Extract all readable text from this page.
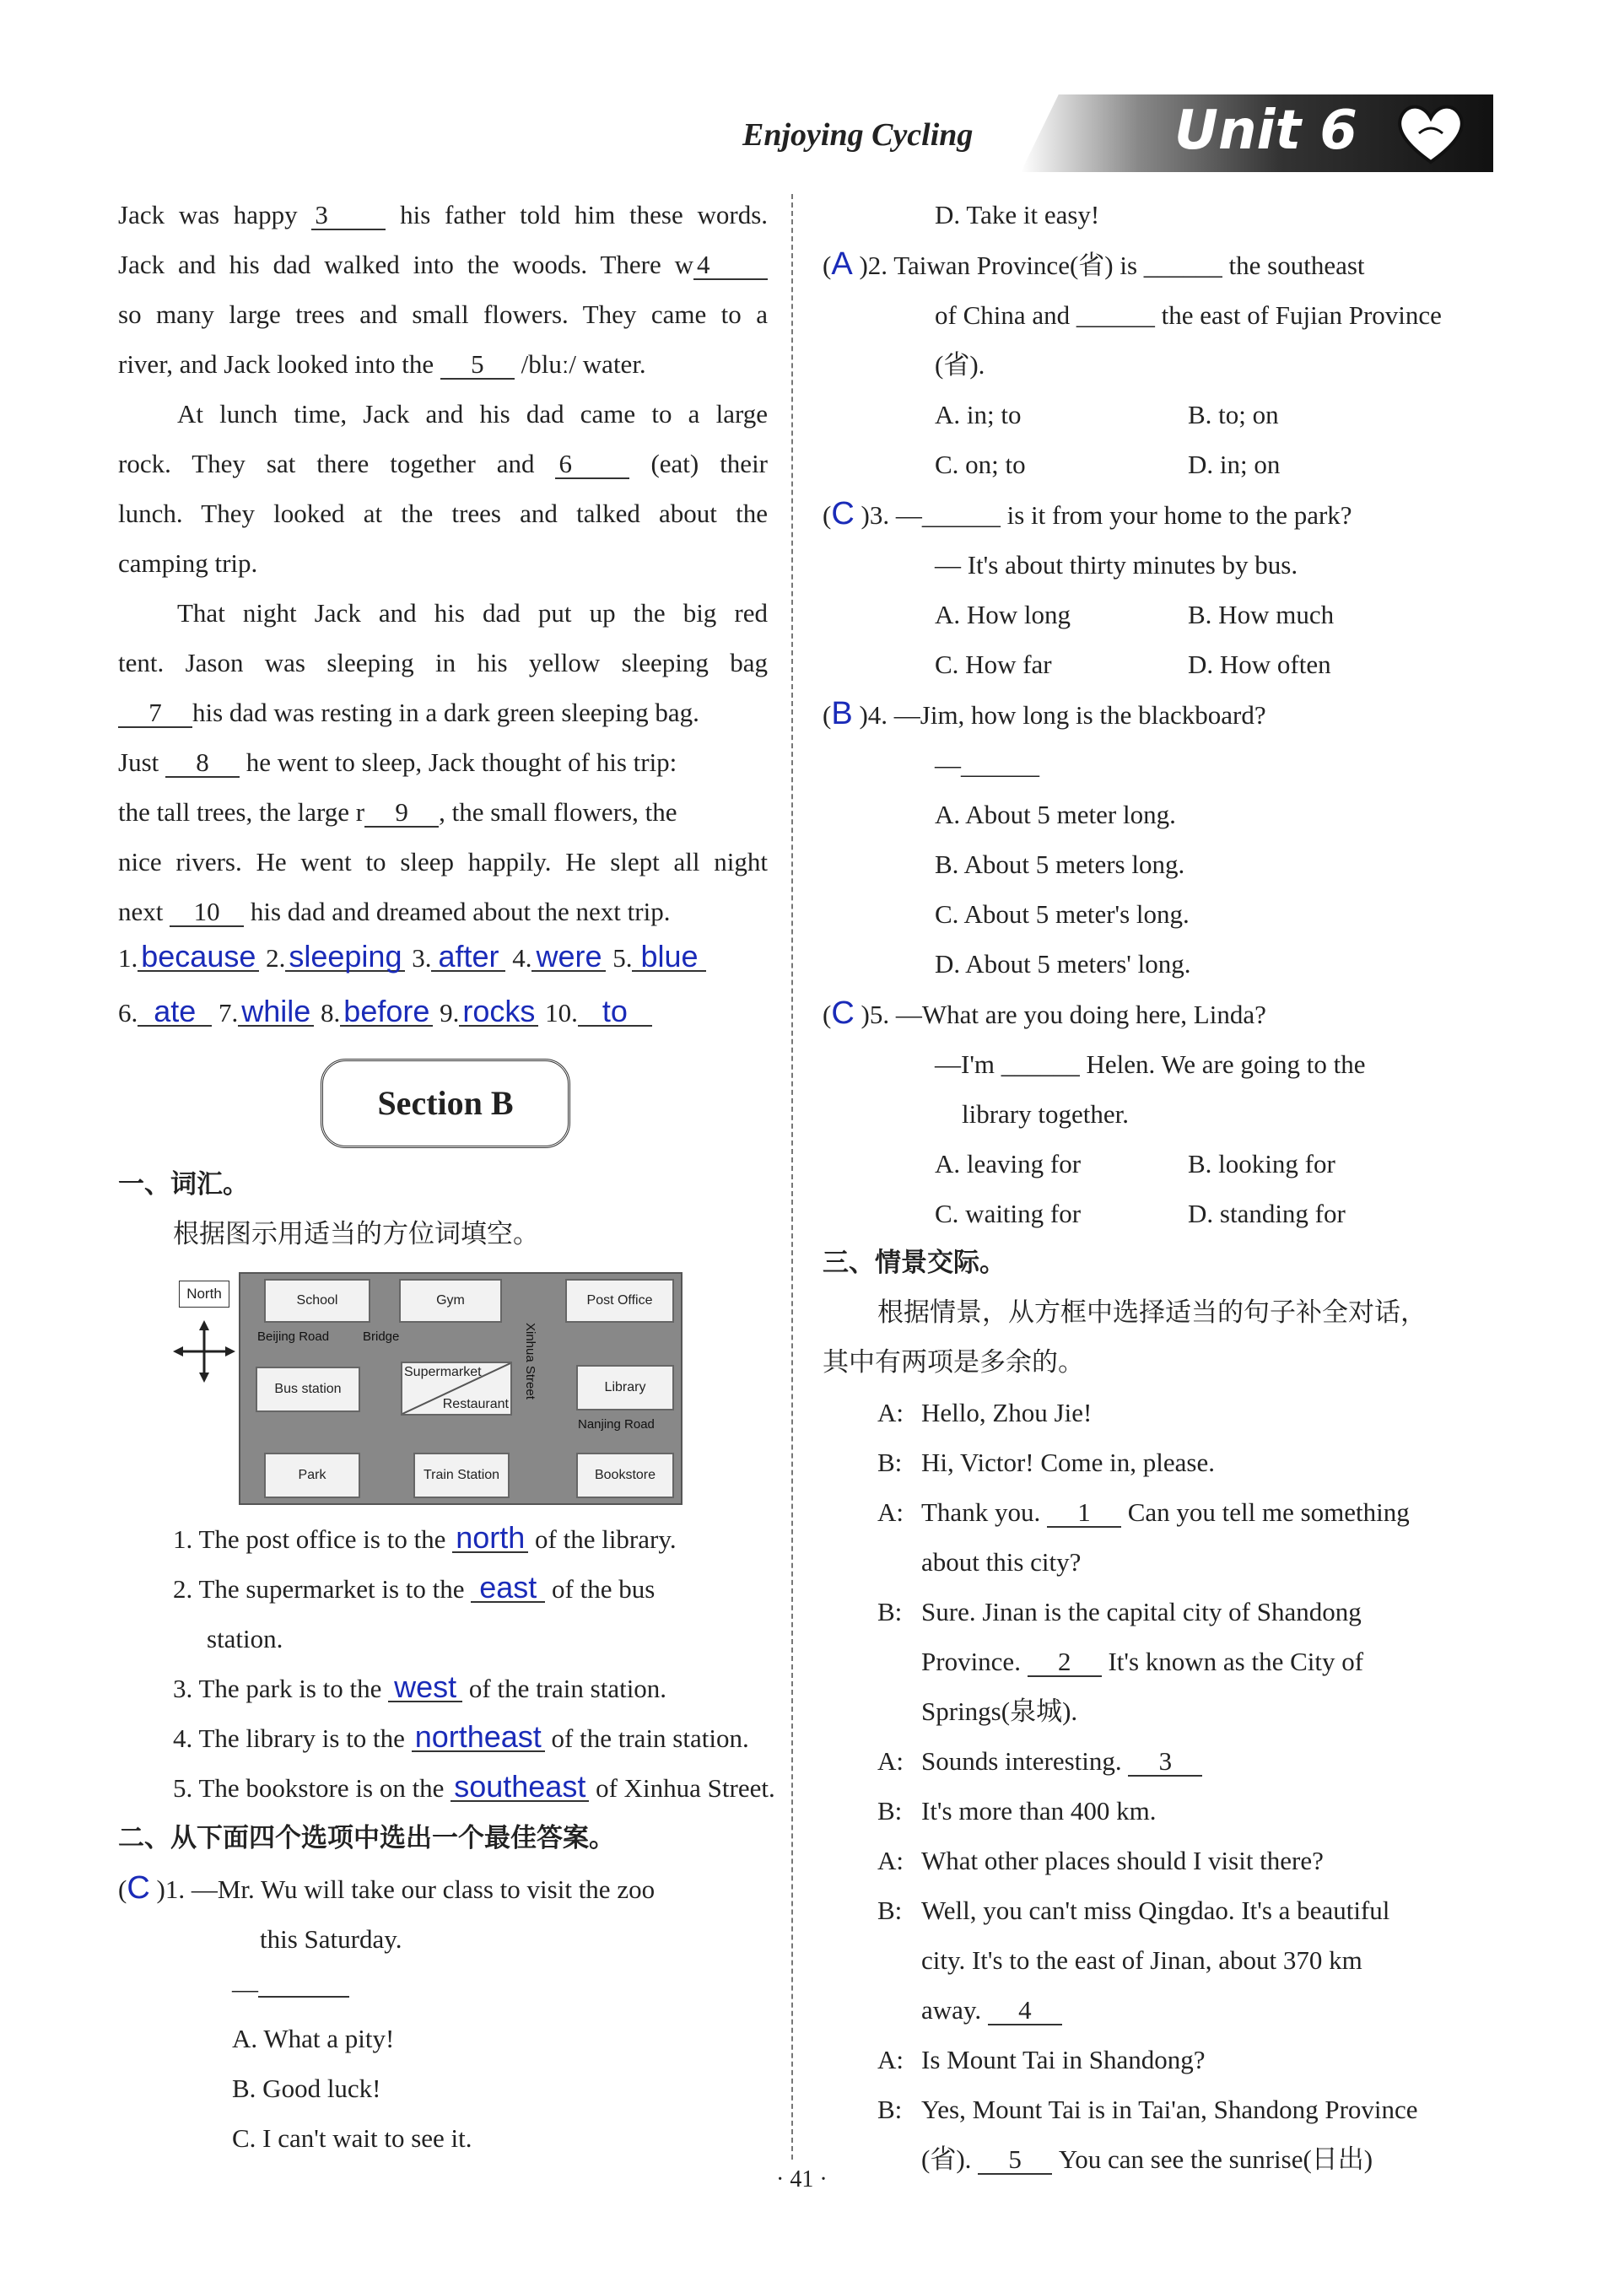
Enjoying Cycling	Unit 6
Jack was happy 3	his father told him these words.
Jack and his dad walked into the woods. There w 4
so many large trees and small flowers. They came to a
river, and Jack looked into the 5 /bluː/ water.
At lunch time, Jack and his dad came to a large
rock. They sat there together and 6	(eat) their
lunch. They looked at the trees and talked about the
camping trip.
That night Jack and his dad put up the big red
tent. Jason was sleeping in his yellow sleeping bag
7 his dad was resting in a dark green sleeping bag.
Just 8 he went to sleep, Jack thought of his trip:
the tall trees, the large r 9 , the small flowers, the
nice rivers. He went to sleep happily. He slept all night
next 10 his dad and dreamed about the next trip.
1. because 2. sleeping 3. after 4. were 5. blue
6. ate 7. while 8. before 9. rocks 10. to
Section B
一、词汇。
根据图示用适当的方位词填空。
North	School	Gym	Post Office
Beijing Road	Bridge	Xinhua Street
Bus station
Supermarket
Restaurant
Library
Nanjing Road
Park	Train Station	Bookstore
1. The post office is to the north of the library.
2. The supermarket is to the east of the bus
station.
3. The park is to the west of the train station.
4. The library is to the northeast of the train station.
5. The bookstore is on the southeast of Xinhua Street.
二、从下面四个选项中选出一个最佳答案。
(C )1. —Mr. Wu will take our class to visit the zoo
this Saturday.
—
A. What a pity!
B. Good luck!
C. I can't wait to see it.
D. Take it easy!
(A )2. Taiwan Province(省) is ______ the southeast
of China and ______ the east of Fujian Province
(省).
A. in; to	B. to; on
C. on; to	D. in; on
(C )3. —______ is it from your home to the park?
— It's about thirty minutes by bus.
A. How long	B. How much
C. How far	D. How often
(B )4. —Jim, how long is the blackboard?
—______
A. About 5 meter long.
B. About 5 meters long.
C. About 5 meter's long.
D. About 5 meters' long.
(C )5. —What are you doing here, Linda?
—I'm ______ Helen. We are going to the
library together.
A. leaving for	B. looking for
C. waiting for	D. standing for
三、情景交际。
根据情景，从方框中选择适当的句子补全对话，
其中有两项是多余的。
A: Hello, Zhou Jie!
B: Hi, Victor! Come in, please.
A: Thank you. 1 Can you tell me something
about this city?
B: Sure. Jinan is the capital city of Shandong
Province. 2 It's known as the City of
Springs(泉城).
A: Sounds interesting. 3
B: It's more than 400 km.
A: What other places should I visit there?
B: Well, you can't miss Qingdao. It's a beautiful
city. It's to the east of Jinan, about 370 km
away. 4
A: Is Mount Tai in Shandong?
B: Yes, Mount Tai is in Tai'an, Shandong Province
(省). 5 You can see the sunrise(日出)
· 41 ·
